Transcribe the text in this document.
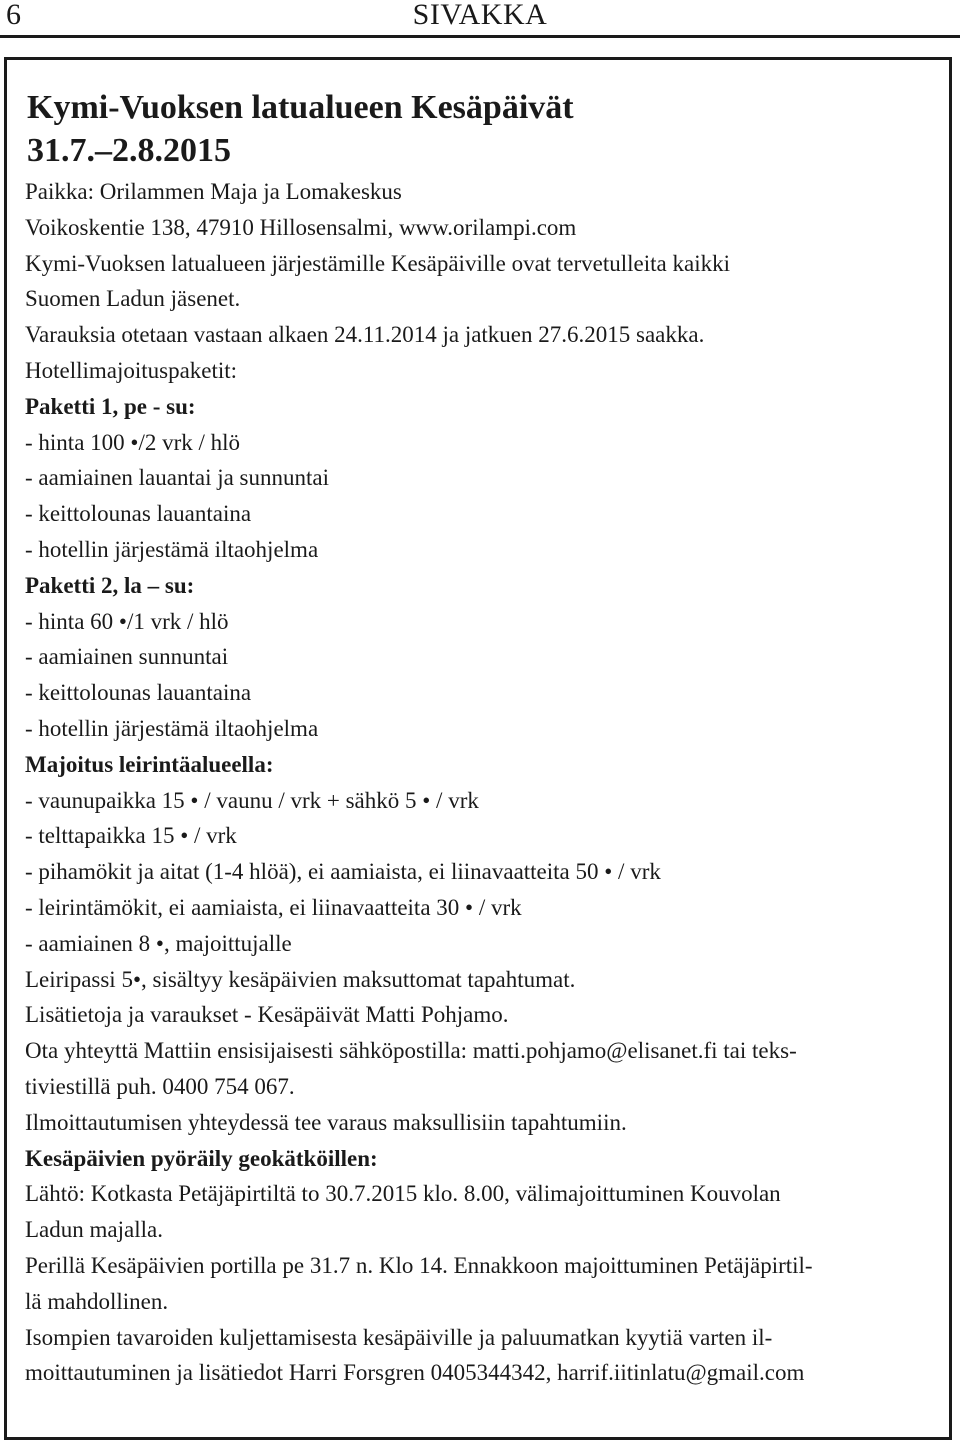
6	SIVAKKA
Kymi-Vuoksen latualueen Kesäpäivät
31.7.–2.8.2015
Paikka: Orilammen Maja ja Lomakeskus
Voikoskentie 138, 47910 Hillosensalmi, www.orilampi.com
Kymi-Vuoksen latualueen järjestämille Kesäpäiville ovat tervetulleita kaikki
Suomen Ladun jäsenet.
Varauksia otetaan vastaan alkaen 24.11.2014 ja jatkuen 27.6.2015 saakka.
Hotellimajoituspaketit:
Paketti 1, pe - su:
- hinta 100 •/2 vrk / hlö
- aamiainen lauantai ja sunnuntai
- keittolounas lauantaina
- hotellin järjestämä iltaohjelma
Paketti 2, la – su:
- hinta 60 •/1 vrk / hlö
- aamiainen sunnuntai
- keittolounas lauantaina
- hotellin järjestämä iltaohjelma
Majoitus leirintäalueella:
- vaunupaikka 15 • / vaunu / vrk + sähkö 5 • / vrk
- telttapaikka 15 • / vrk
- pihamökit ja aitat (1-4 hlöä), ei aamiaista, ei liinavaatteita 50 • / vrk
- leirintämökit, ei aamiaista, ei liinavaatteita 30 • / vrk
- aamiainen 8 •, majoittujalle
Leiripassi 5•, sisältyy kesäpäivien maksuttomat tapahtumat.
Lisätietoja ja varaukset - Kesäpäivät Matti Pohjamo.
Ota yhteyttä Mattiin ensisijaisesti sähköpostilla: matti.pohjamo@elisanet.fi tai teks-
tiviestillä puh. 0400 754 067.
Ilmoittautumisen yhteydessä tee varaus maksullisiin tapahtumiin.
Kesäpäivien pyöräily geokätköillen:
Lähtö: Kotkasta Petäjäpirtiltä to 30.7.2015 klo. 8.00, välimajoittuminen Kouvolan
Ladun majalla.
Perillä Kesäpäivien portilla pe 31.7 n. Klo 14. Ennakkoon majoittuminen Petäjäpirtil-
lä mahdollinen.
Isompien tavaroiden kuljettamisesta kesäpäiville ja paluumatkan kyytiä varten il-
moittautuminen ja lisätiedot Harri Forsgren 0405344342, harrif.iitinlatu@gmail.com
